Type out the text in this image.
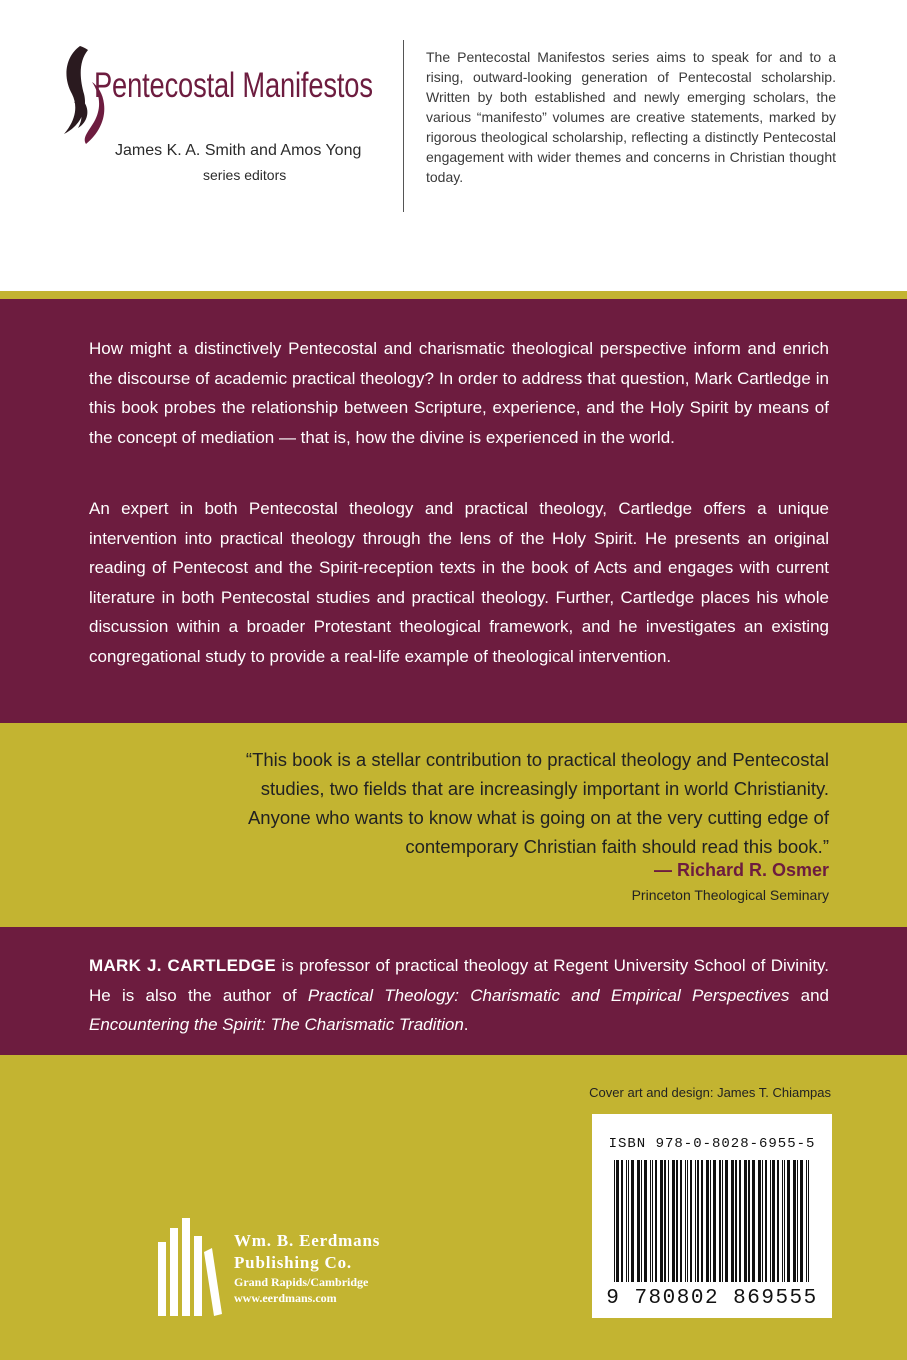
Pentecostal Manifestos
James K. A. Smith and Amos Yong
series editors
The Pentecostal Manifestos series aims to speak for and to a rising, outward-looking generation of Pentecostal scholarship. Written by both established and newly emerging scholars, the various “manifesto” volumes are creative statements, marked by rigorous theological scholarship, reflecting a distinctly Pentecostal engagement with wider themes and concerns in Christian thought today.

How might a distinctively Pentecostal and charismatic theological perspective inform and enrich the discourse of academic practical theology? In order to address that question, Mark Cartledge in this book probes the relationship between Scripture, experience, and the Holy Spirit by means of the concept of mediation — that is, how the divine is experienced in the world.

An expert in both Pentecostal theology and practical theology, Cartledge offers a unique intervention into practical theology through the lens of the Holy Spirit. He presents an original reading of Pentecost and the Spirit-reception texts in the book of Acts and engages with current literature in both Pentecostal studies and practical theology. Further, Cartledge places his whole discussion within a broader Protestant theological framework, and he investigates an existing congregational study to provide a real-life example of theological intervention.

“This book is a stellar contribution to practical theology and Pentecostal studies, two fields that are increasingly important in world Christianity. Anyone who wants to know what is going on at the very cutting edge of contemporary Christian faith should read this book.”
— Richard R. Osmer
Princeton Theological Seminary

MARK J. CARTLEDGE is professor of practical theology at Regent University School of Divinity. He is also the author of Practical Theology: Charismatic and Empirical Perspectives and Encountering the Spirit: The Charismatic Tradition.

Cover art and design: James T. Chiampas
ISBN 978-0-8028-6955-5
9 780802 869555
Wm. B. Eerdmans
Publishing Co.
Grand Rapids/Cambridge
www.eerdmans.com
